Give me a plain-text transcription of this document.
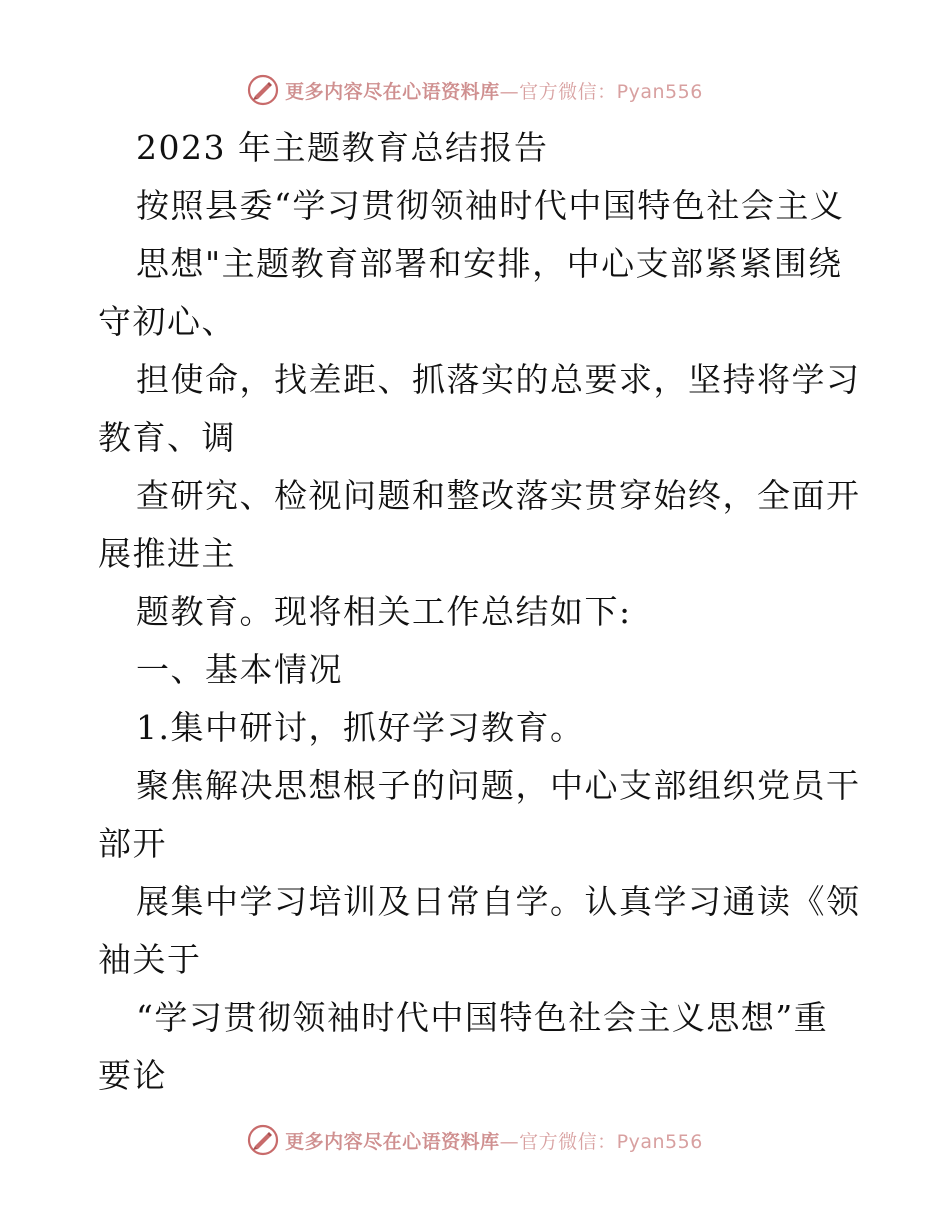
更多内容尽在心语资料库—官方微信：Pyan556
2023 年主题教育总结报告
按照县委“学习贯彻领袖时代中国特色社会主义
思想"主题教育部署和安排，中心支部紧紧围绕
守初心、
担使命，找差距、抓落实的总要求，坚持将学习
教育、调
查研究、检视问题和整改落实贯穿始终，全面开
展推进主
题教育。现将相关工作总结如下:
一、基本情况
1.集中研讨，抓好学习教育。
聚焦解决思想根子的问题，中心支部组织党员干
部开
展集中学习培训及日常自学。认真学习通读《领
袖关于
“学习贯彻领袖时代中国特色社会主义思想”重
要论
更多内容尽在心语资料库—官方微信：Pyan556
